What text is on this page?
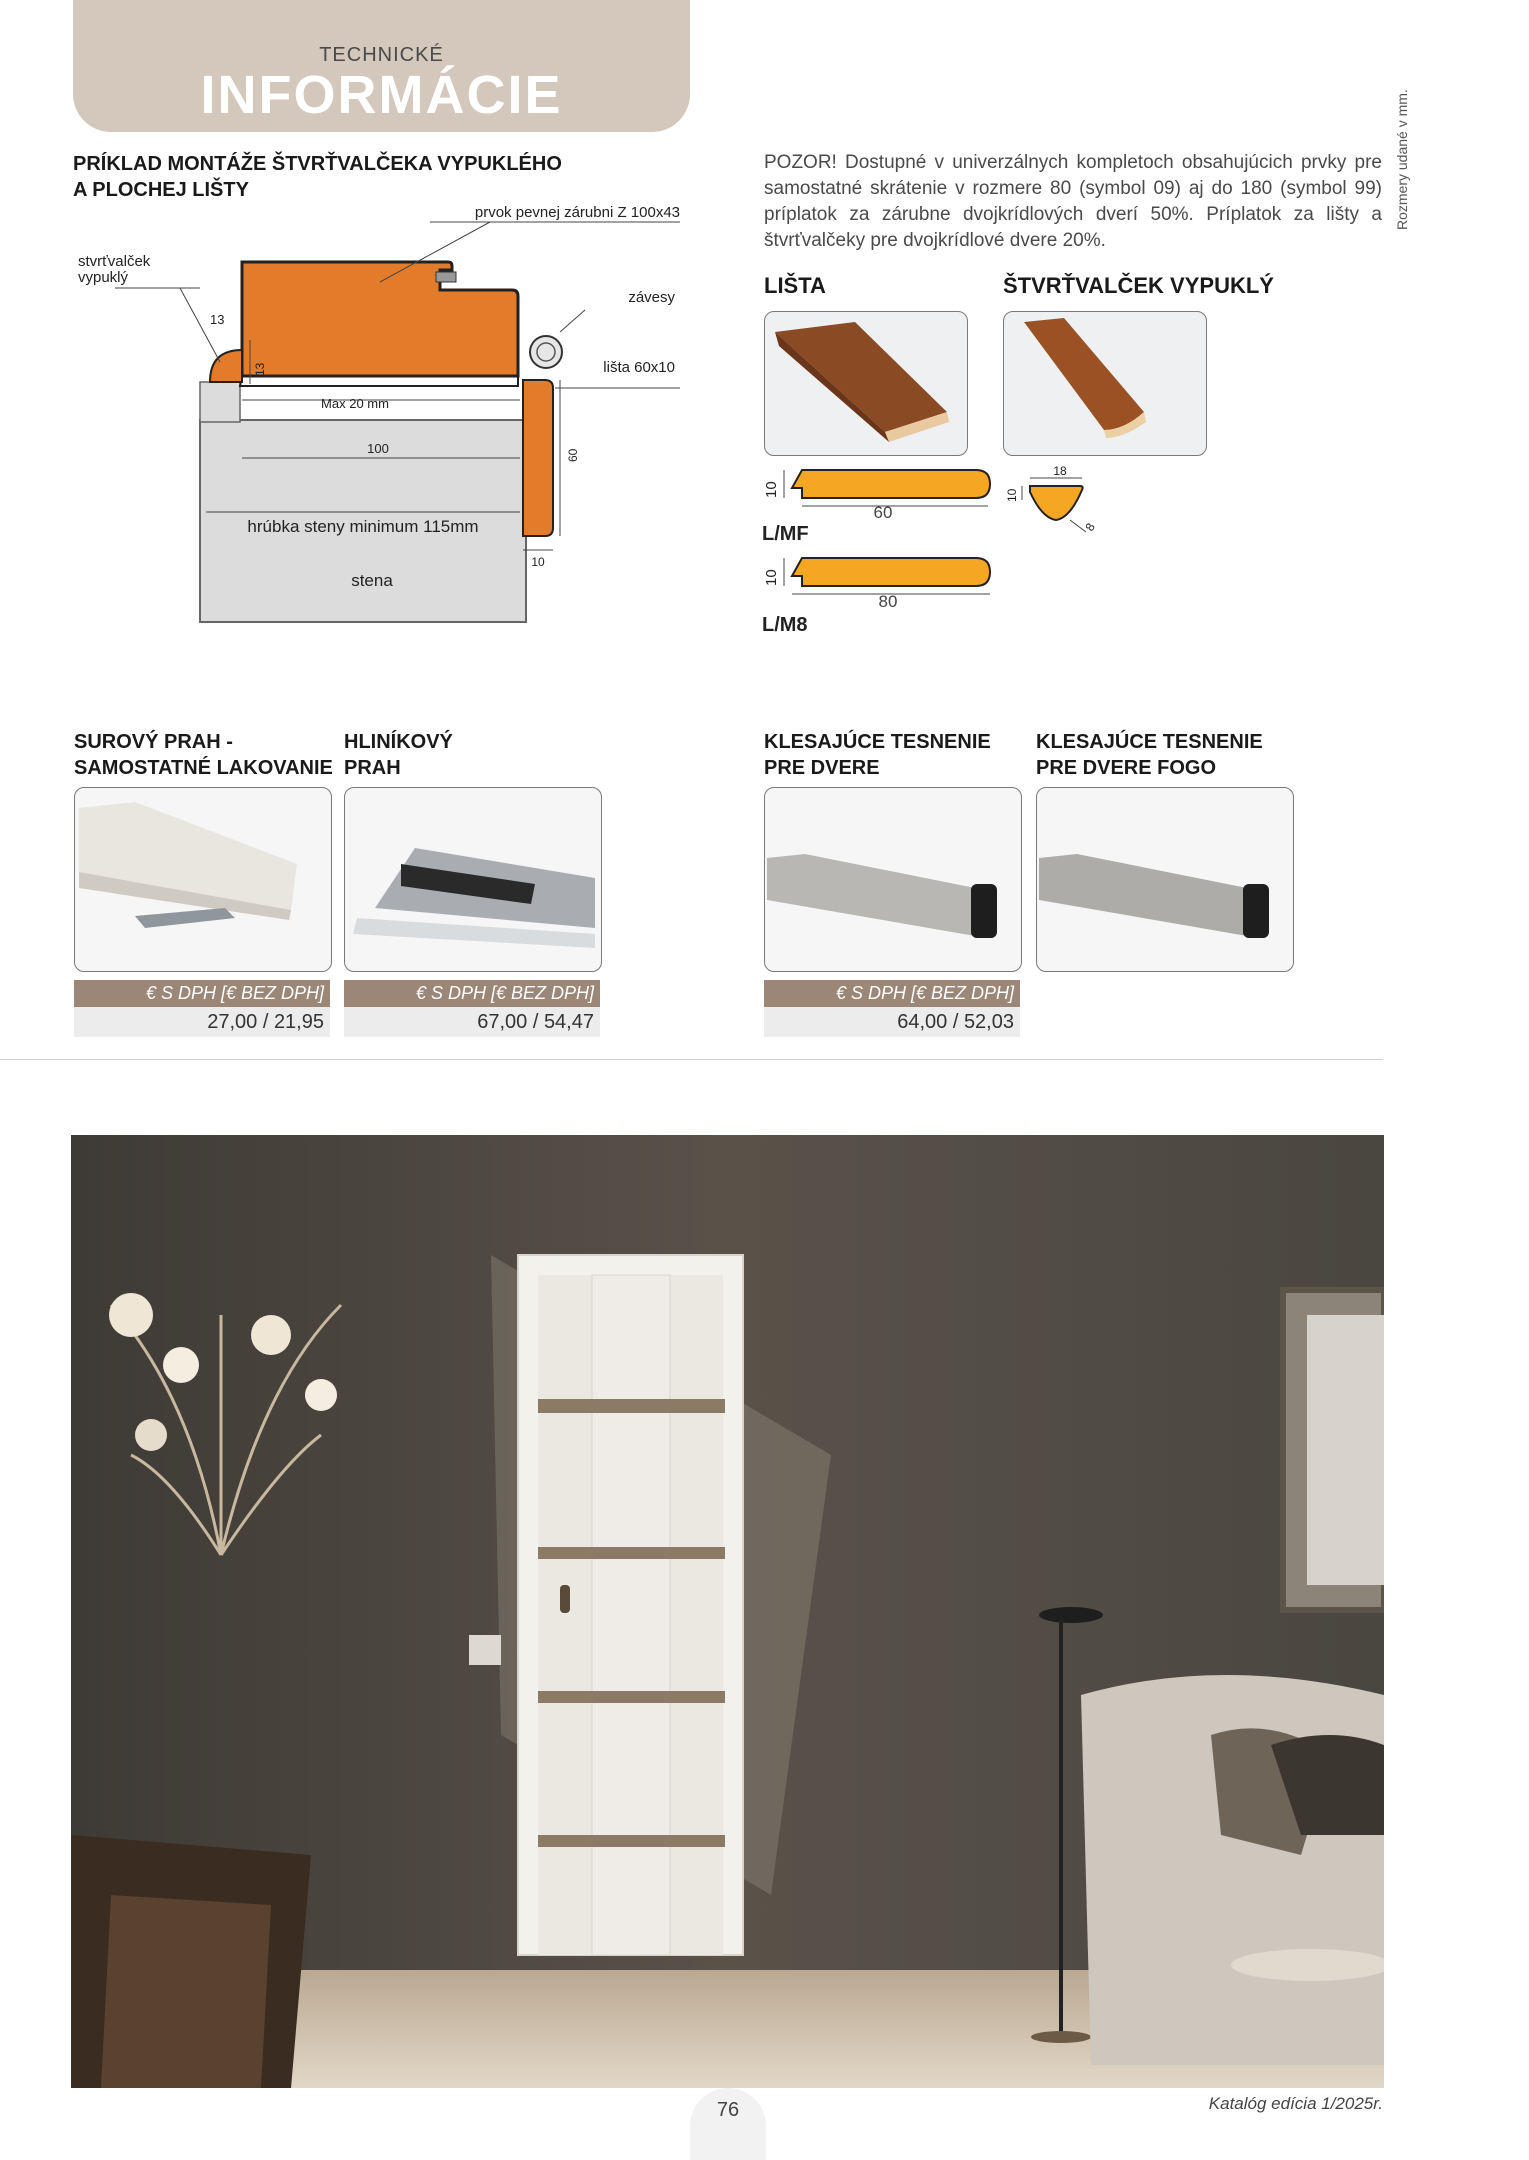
TECHNICKÉ
INFORMÁCIE	Rozmery udané v mm.
PRÍKLAD MONTÁŽE ŠTVRŤVALČEKA VYPUKLÉHO
A PLOCHEJ LIŠTY
prvok pevnej zárubni Z 100x43
stvrťvalček
vypuklý
závesy
lišta 60x10
13
13
Max 20 mm
100	60
10
hrúbka steny minimum 115mm
stena
POZOR! Dostupné v univerzálnych kompletoch obsahujúcich prvky pre samostatné skrátenie v rozmere 80 (symbol 09) aj do 180 (symbol 99) príplatok za zárubne dvojkrídlových dverí 50%. Príplatok za lišty a štvrťvalčeky pre dvojkrídlové dvere 20%.
LIŠTA	ŠTVRŤVALČEK VYPUKLÝ
10
60
L/MF
10
80
L/M8
18
10
8
SUROVÝ PRAH -
SAMOSTATNÉ LAKOVANIE
HLINÍKOVÝ
PRAH
KLESAJÚCE TESNENIE
PRE DVERE
KLESAJÚCE TESNENIE
PRE DVERE FOGO
€ S DPH [€ BEZ DPH]
27,00 / 21,95
€ S DPH [€ BEZ DPH]
67,00 / 54,47
€ S DPH [€ BEZ DPH]
64,00 / 52,03
76	Katalóg edícia 1/2025r.
